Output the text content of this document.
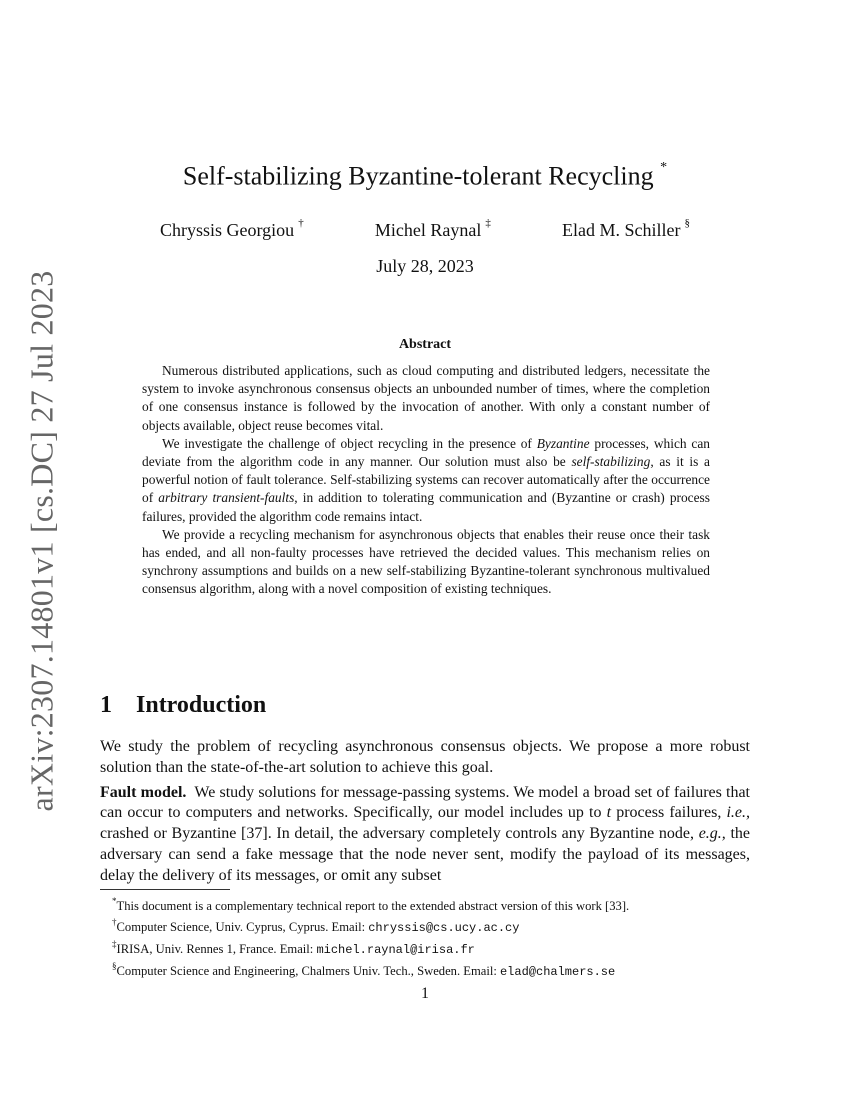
arXiv:2307.14801v1 [cs.DC] 27 Jul 2023
Self-stabilizing Byzantine-tolerant Recycling *
Chryssis Georgiou †	Michel Raynal ‡	Elad M. Schiller §
July 28, 2023
Abstract

Numerous distributed applications, such as cloud computing and distributed ledgers, necessitate the system to invoke asynchronous consensus objects an unbounded number of times, where the completion of one consensus instance is followed by the invocation of another. With only a constant number of objects available, object reuse becomes vital.

We investigate the challenge of object recycling in the presence of Byzantine processes, which can deviate from the algorithm code in any manner. Our solution must also be self-stabilizing, as it is a powerful notion of fault tolerance. Self-stabilizing systems can recover automatically after the occurrence of arbitrary transient-faults, in addition to tolerating communication and (Byzantine or crash) process failures, provided the algorithm code remains intact.

We provide a recycling mechanism for asynchronous objects that enables their reuse once their task has ended, and all non-faulty processes have retrieved the decided values. This mechanism relies on synchrony assumptions and builds on a new self-stabilizing Byzantine-tolerant synchronous multivalued consensus algorithm, along with a novel composition of existing techniques.

1 Introduction

We study the problem of recycling asynchronous consensus objects. We propose a more robust solution than the state-of-the-art solution to achieve this goal.

Fault model. We study solutions for message-passing systems. We model a broad set of failures that can occur to computers and networks. Specifically, our model includes up to t process failures, i.e., crashed or Byzantine [37]. In detail, the adversary completely controls any Byzantine node, e.g., the adversary can send a fake message that the node never sent, modify the payload of its messages, delay the delivery of its messages, or omit any subset

*This document is a complementary technical report to the extended abstract version of this work [33].
†Computer Science, Univ. Cyprus, Cyprus. Email: chryssis@cs.ucy.ac.cy
‡IRISA, Univ. Rennes 1, France. Email: michel.raynal@irisa.fr
§Computer Science and Engineering, Chalmers Univ. Tech., Sweden. Email: elad@chalmers.se
1
